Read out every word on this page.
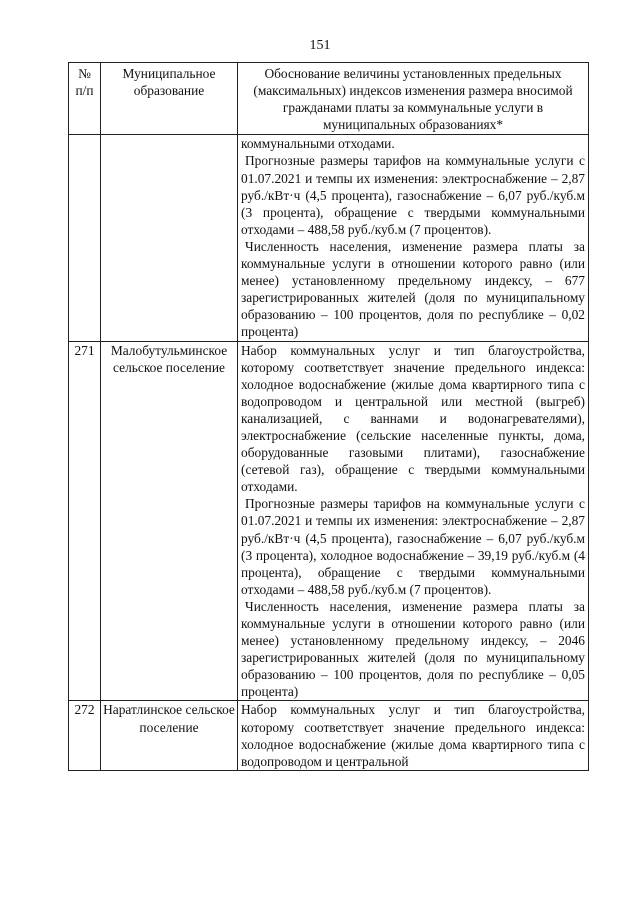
151
№ п/п	Муниципальное образование	Обоснование величины установленных предельных (максимальных) индексов изменения размера вносимой гражданами платы за коммунальные услуги в муниципальных образованиях*

		коммунальными отходами.

Прогнозные размеры тарифов на коммунальные услуги с 01.07.2021 и темпы их изменения: электроснабжение – 2,87 руб./кВт·ч (4,5 процента), газоснабжение – 6,07 руб./куб.м (3 процента), обращение с твердыми коммунальными отходами – 488,58 руб./куб.м (7 процентов).

Численность населения, изменение размера платы за коммунальные услуги в отношении которого равно (или менее) установленному предельному индексу, – 677 зарегистрированных жителей (доля по муниципальному образованию – 100 процентов, доля по республике – 0,02 процента)

271	Малобутульминское сельское поселение	Набор коммунальных услуг и тип благоустройства, которому соответствует значение предельного индекса: холодное водоснабжение (жилые дома квартирного типа с водопроводом и центральной или местной (выгреб) канализацией, с ваннами и водонагревателями), электроснабжение (сельские населенные пункты, дома, оборудованные газовыми плитами), газоснабжение (сетевой газ), обращение с твердыми коммунальными отходами.

Прогнозные размеры тарифов на коммунальные услуги с 01.07.2021 и темпы их изменения: электроснабжение – 2,87 руб./кВт·ч (4,5 процента), газоснабжение – 6,07 руб./куб.м (3 процента), холодное водоснабжение – 39,19 руб./куб.м (4 процента), обращение с твердыми коммунальными отходами – 488,58 руб./куб.м (7 процентов).

Численность населения, изменение размера платы за коммунальные услуги в отношении которого равно (или менее) установленному предельному индексу, – 2046 зарегистрированных жителей (доля по муниципальному образованию – 100 процентов, доля по республике – 0,05 процента)

272	Наратлинское сельское поселение	Набор коммунальных услуг и тип благоустройства, которому соответствует значение предельного индекса: холодное водоснабжение (жилые дома квартирного типа с водопроводом и центральной
